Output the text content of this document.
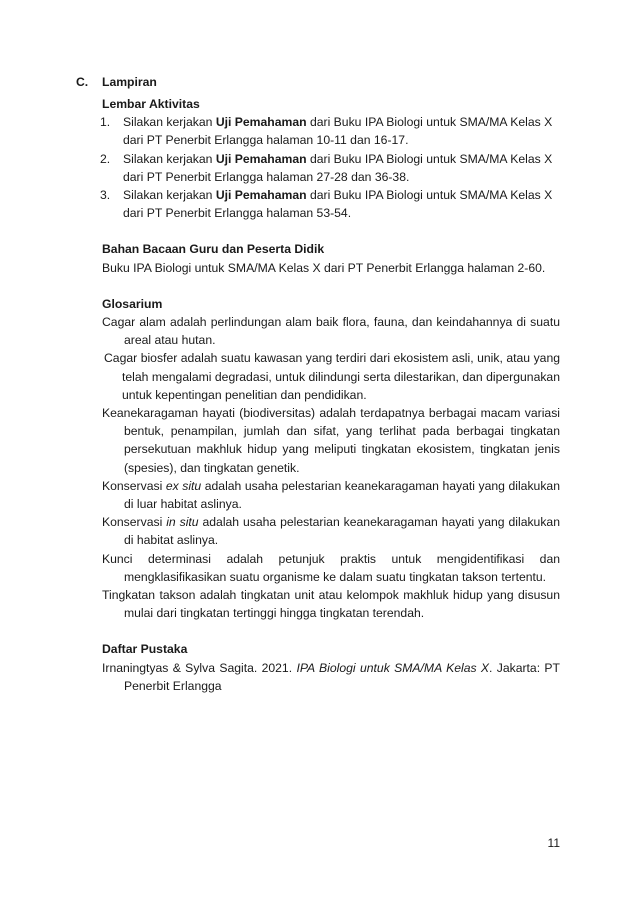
C. Lampiran
Lembar Aktivitas
1. Silakan kerjakan Uji Pemahaman dari Buku IPA Biologi untuk SMA/MA Kelas X dari PT Penerbit Erlangga halaman 10-11 dan 16-17.
2. Silakan kerjakan Uji Pemahaman dari Buku IPA Biologi untuk SMA/MA Kelas X dari PT Penerbit Erlangga halaman 27-28 dan 36-38.
3. Silakan kerjakan Uji Pemahaman dari Buku IPA Biologi untuk SMA/MA Kelas X dari PT Penerbit Erlangga halaman 53-54.
Bahan Bacaan Guru dan Peserta Didik

Buku IPA Biologi untuk SMA/MA Kelas X dari PT Penerbit Erlangga halaman 2-60.

Glosarium

Cagar alam adalah perlindungan alam baik flora, fauna, dan keindahannya di suatu areal atau hutan.

Cagar biosfer adalah suatu kawasan yang terdiri dari ekosistem asli, unik, atau yang telah mengalami degradasi, untuk dilindungi serta dilestarikan, dan dipergunakan untuk kepentingan penelitian dan pendidikan.

Keanekaragaman hayati (biodiversitas) adalah terdapatnya berbagai macam variasi bentuk, penampilan, jumlah dan sifat, yang terlihat pada berbagai tingkatan persekutuan makhluk hidup yang meliputi tingkatan ekosistem, tingkatan jenis (spesies), dan tingkatan genetik.

Konservasi ex situ adalah usaha pelestarian keanekaragaman hayati yang dilakukan di luar habitat aslinya.

Konservasi in situ adalah usaha pelestarian keanekaragaman hayati yang dilakukan di habitat aslinya.

Kunci determinasi adalah petunjuk praktis untuk mengidentifikasi dan mengklasifikasikan suatu organisme ke dalam suatu tingkatan takson tertentu.

Tingkatan takson adalah tingkatan unit atau kelompok makhluk hidup yang disusun mulai dari tingkatan tertinggi hingga tingkatan terendah.

Daftar Pustaka

Irnaningtyas & Sylva Sagita. 2021. IPA Biologi untuk SMA/MA Kelas X. Jakarta: PT Penerbit Erlangga

11
